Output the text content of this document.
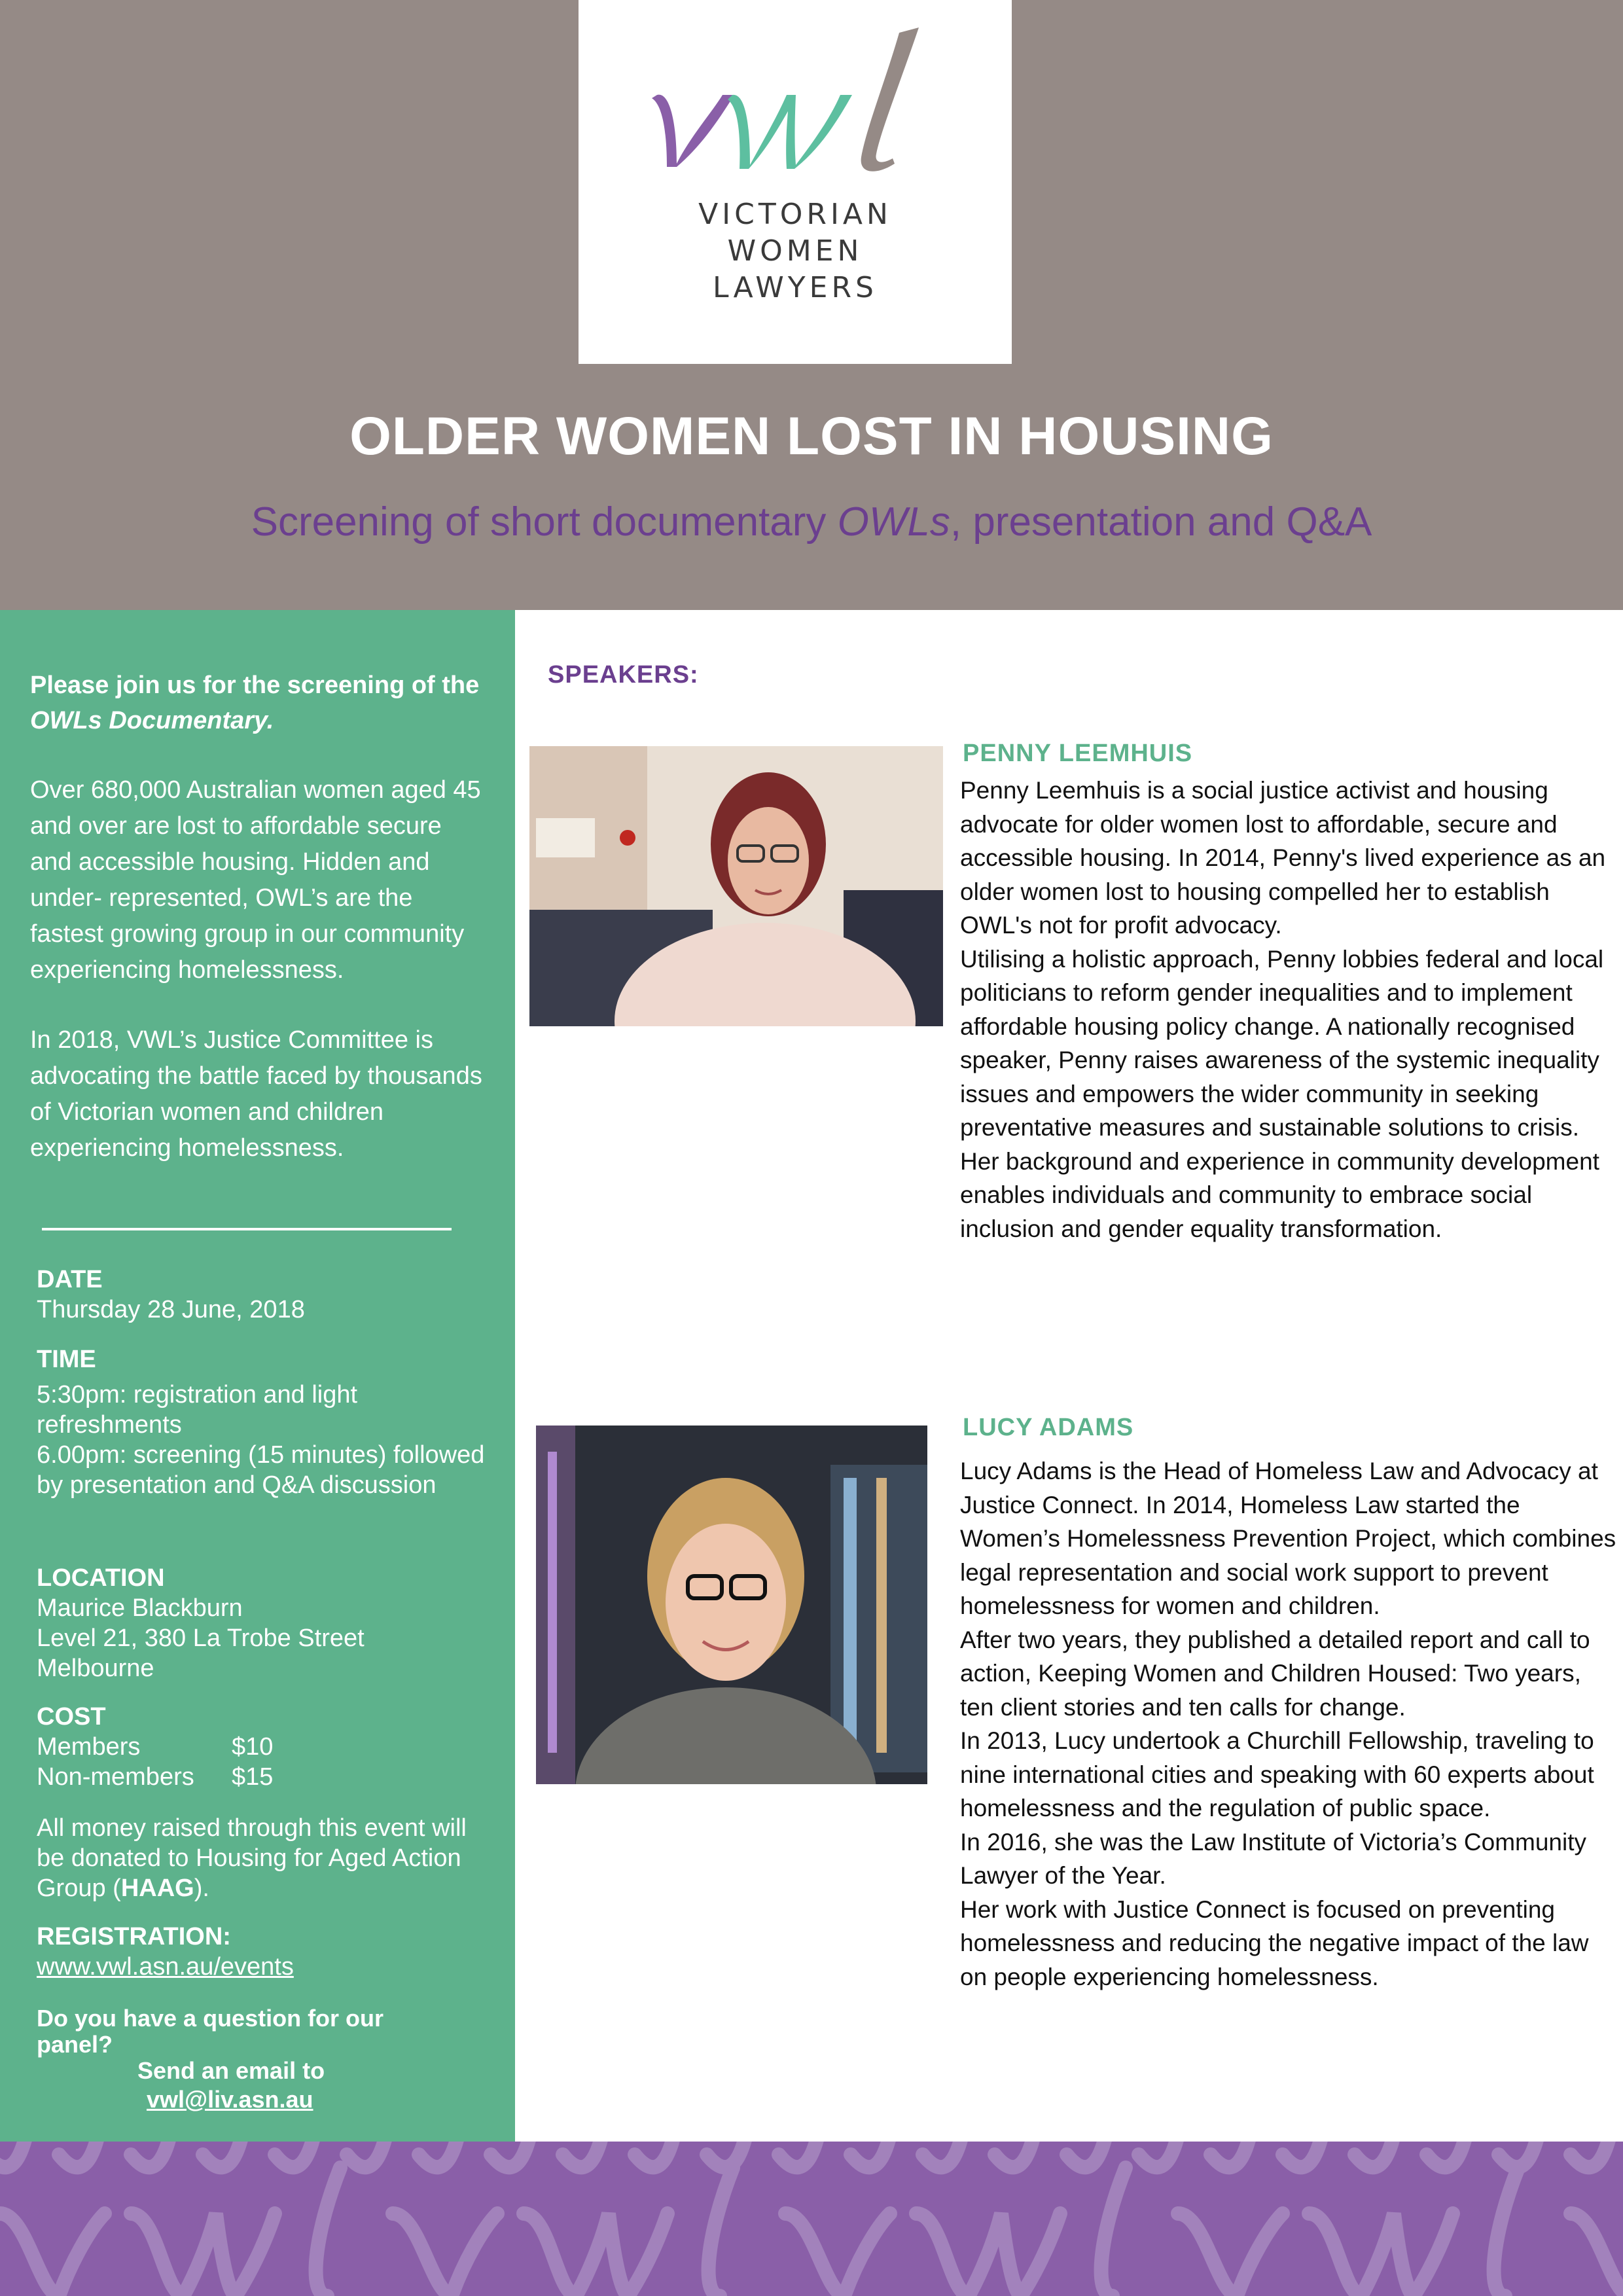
VICTORIAN
WOMEN
LAWYERS
OLDER WOMEN LOST IN HOUSING
Screening of short documentary OWLs, presentation and Q&A
Please join us for the screening of the OWLs Documentary.
Over 680,000 Australian women aged 45 and over are lost to affordable secure and accessible housing. Hidden and under- represented, OWL’s are the fastest growing group in our community experiencing homelessness.
In 2018, VWL’s Justice Committee is advocating the battle faced by thousands of Victorian women and children experiencing homelessness.
DATE
Thursday 28 June, 2018
TIME
5:30pm: registration and light refreshments
6.00pm: screening (15 minutes) followed by presentation and Q&A discussion
LOCATION
Maurice Blackburn
Level 21, 380 La Trobe Street
Melbourne
COST
Members	$10
Non-members	$15
All money raised through this event will be donated to Housing for Aged Action Group (HAAG).
REGISTRATION:
www.vwl.asn.au/events
Do you have a question for our panel?
Send an email to
vwl@liv.asn.au
SPEAKERS:
PENNY LEEMHUIS

Penny Leemhuis is a social justice activist and housing advocate for older women lost to affordable, secure and accessible housing. In 2014, Penny's lived experience as an older women lost to housing compelled her to establish OWL's not for profit advocacy.

Utilising a holistic approach, Penny lobbies federal and local politicians to reform gender inequalities and to implement affordable housing policy change. A nationally recognised speaker, Penny raises awareness of the systemic inequality issues and empowers the wider community in seeking preventative measures and sustainable solutions to crisis.

Her background and experience in community development enables individuals and community to embrace social inclusion and gender equality transformation.

LUCY ADAMS

Lucy Adams is the Head of Homeless Law and Advocacy at Justice Connect. In 2014, Homeless Law started the Women’s Homelessness Prevention Project, which combines legal representation and social work support to prevent homelessness for women and children.

After two years, they published a detailed report and call to action, Keeping Women and Children Housed: Two years, ten client stories and ten calls for change.

In 2013, Lucy undertook a Churchill Fellowship, traveling to nine international cities and speaking with 60 experts about homelessness and the regulation of public space.

In 2016, she was the Law Institute of Victoria’s Community Lawyer of the Year.

Her work with Justice Connect is focused on preventing homelessness and reducing the negative impact of the law on people experiencing homelessness.
